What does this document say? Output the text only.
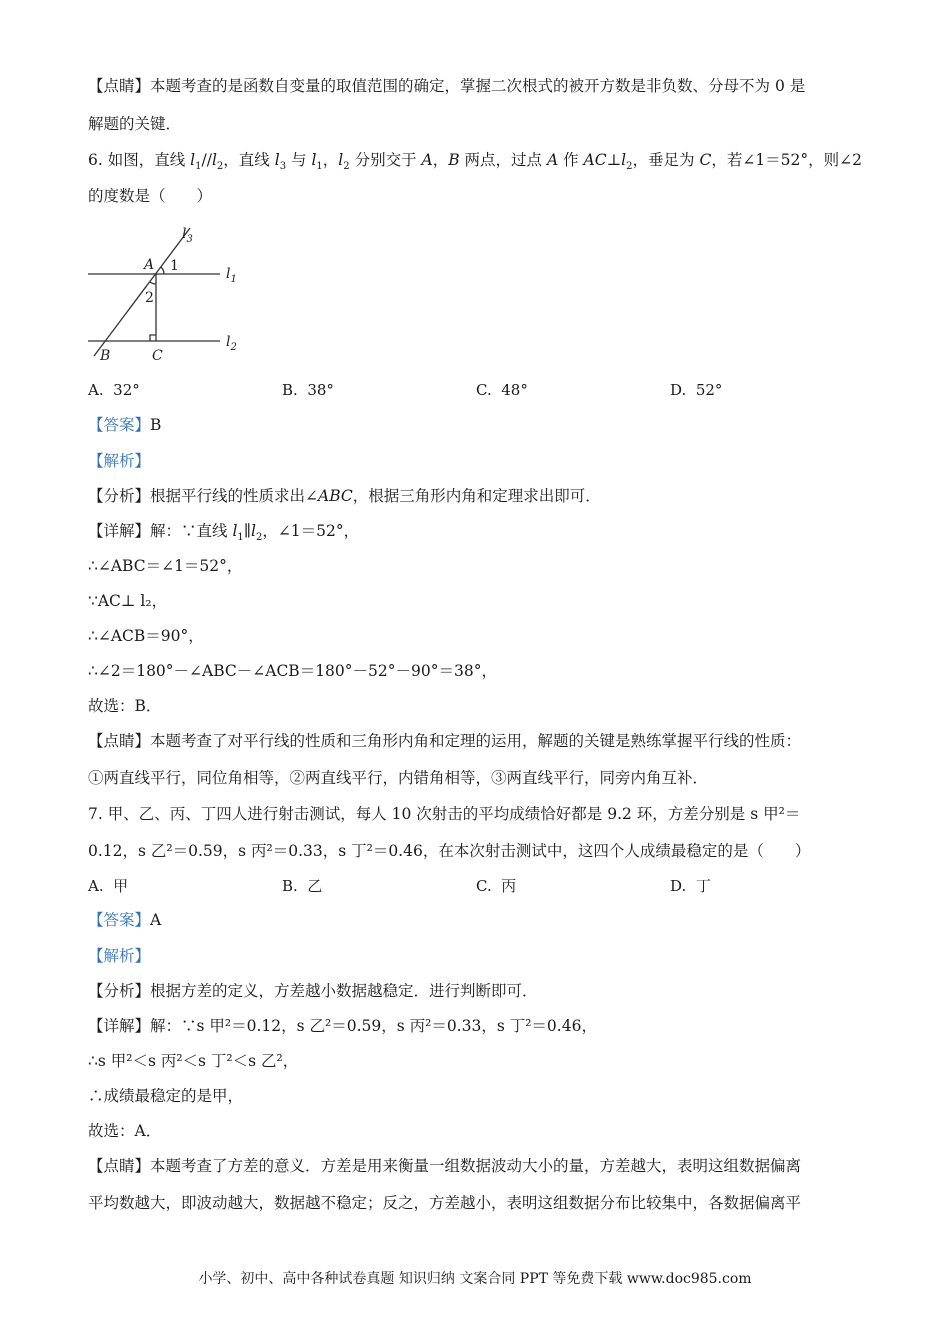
【点睛】本题考查的是函数自变量的取值范围的确定，掌握二次根式的被开方数是非负数、分母不为 0 是
解题的关键．
6. 如图，直线 $l_1//l_2$，直线 $l_3$ 与 $l_1$，$l_2$ 分别交于 A，B 两点，过点 A 作 $AC\perp l_2$，垂足为 C，若∠1＝52°，则∠2
的度数是（　　）
$l_3$
$l_1$
$l_2$
A 1
2
B	C
A. 32°	B. 38°	C. 48°	D. 52°
【答案】B
【解析】
【分析】根据平行线的性质求出∠ABC，根据三角形内角和定理求出即可．
【详解】解：∵直线 $l_1\parallel l_2$，∠1＝52°，
∴∠ABC＝∠1＝52°，
∵AC⊥ l₂，
∴∠ACB＝90°，
∴∠2＝180°－∠ABC－∠ACB＝180°－52°－90°＝38°，
故选：B．
【点睛】本题考查了对平行线的性质和三角形内角和定理的运用，解题的关键是熟练掌握平行线的性质：
①两直线平行，同位角相等，②两直线平行，内错角相等，③两直线平行，同旁内角互补．
7. 甲、乙、丙、丁四人进行射击测试，每人 10 次射击的平均成绩恰好都是 9.2 环，方差分别是 s 甲²＝
0.12，s 乙²＝0.59，s 丙²＝0.33，s 丁²＝0.46，在本次射击测试中，这四个人成绩最稳定的是（　　）
A. 甲	B. 乙	C. 丙	D. 丁
【答案】A
【解析】
【分析】根据方差的定义，方差越小数据越稳定．进行判断即可．
【详解】解：∵s 甲²＝0.12，s 乙²＝0.59，s 丙²＝0.33，s 丁²＝0.46，
∴s 甲²＜s 丙²＜s 丁²＜s 乙²，
∴成绩最稳定的是甲，
故选：A．
【点睛】本题考查了方差的意义．方差是用来衡量一组数据波动大小的量，方差越大，表明这组数据偏离
平均数越大，即波动越大，数据越不稳定；反之，方差越小，表明这组数据分布比较集中，各数据偏离平
小学、初中、高中各种试卷真题 知识归纳 文案合同 PPT 等免费下载 www.doc985.com
